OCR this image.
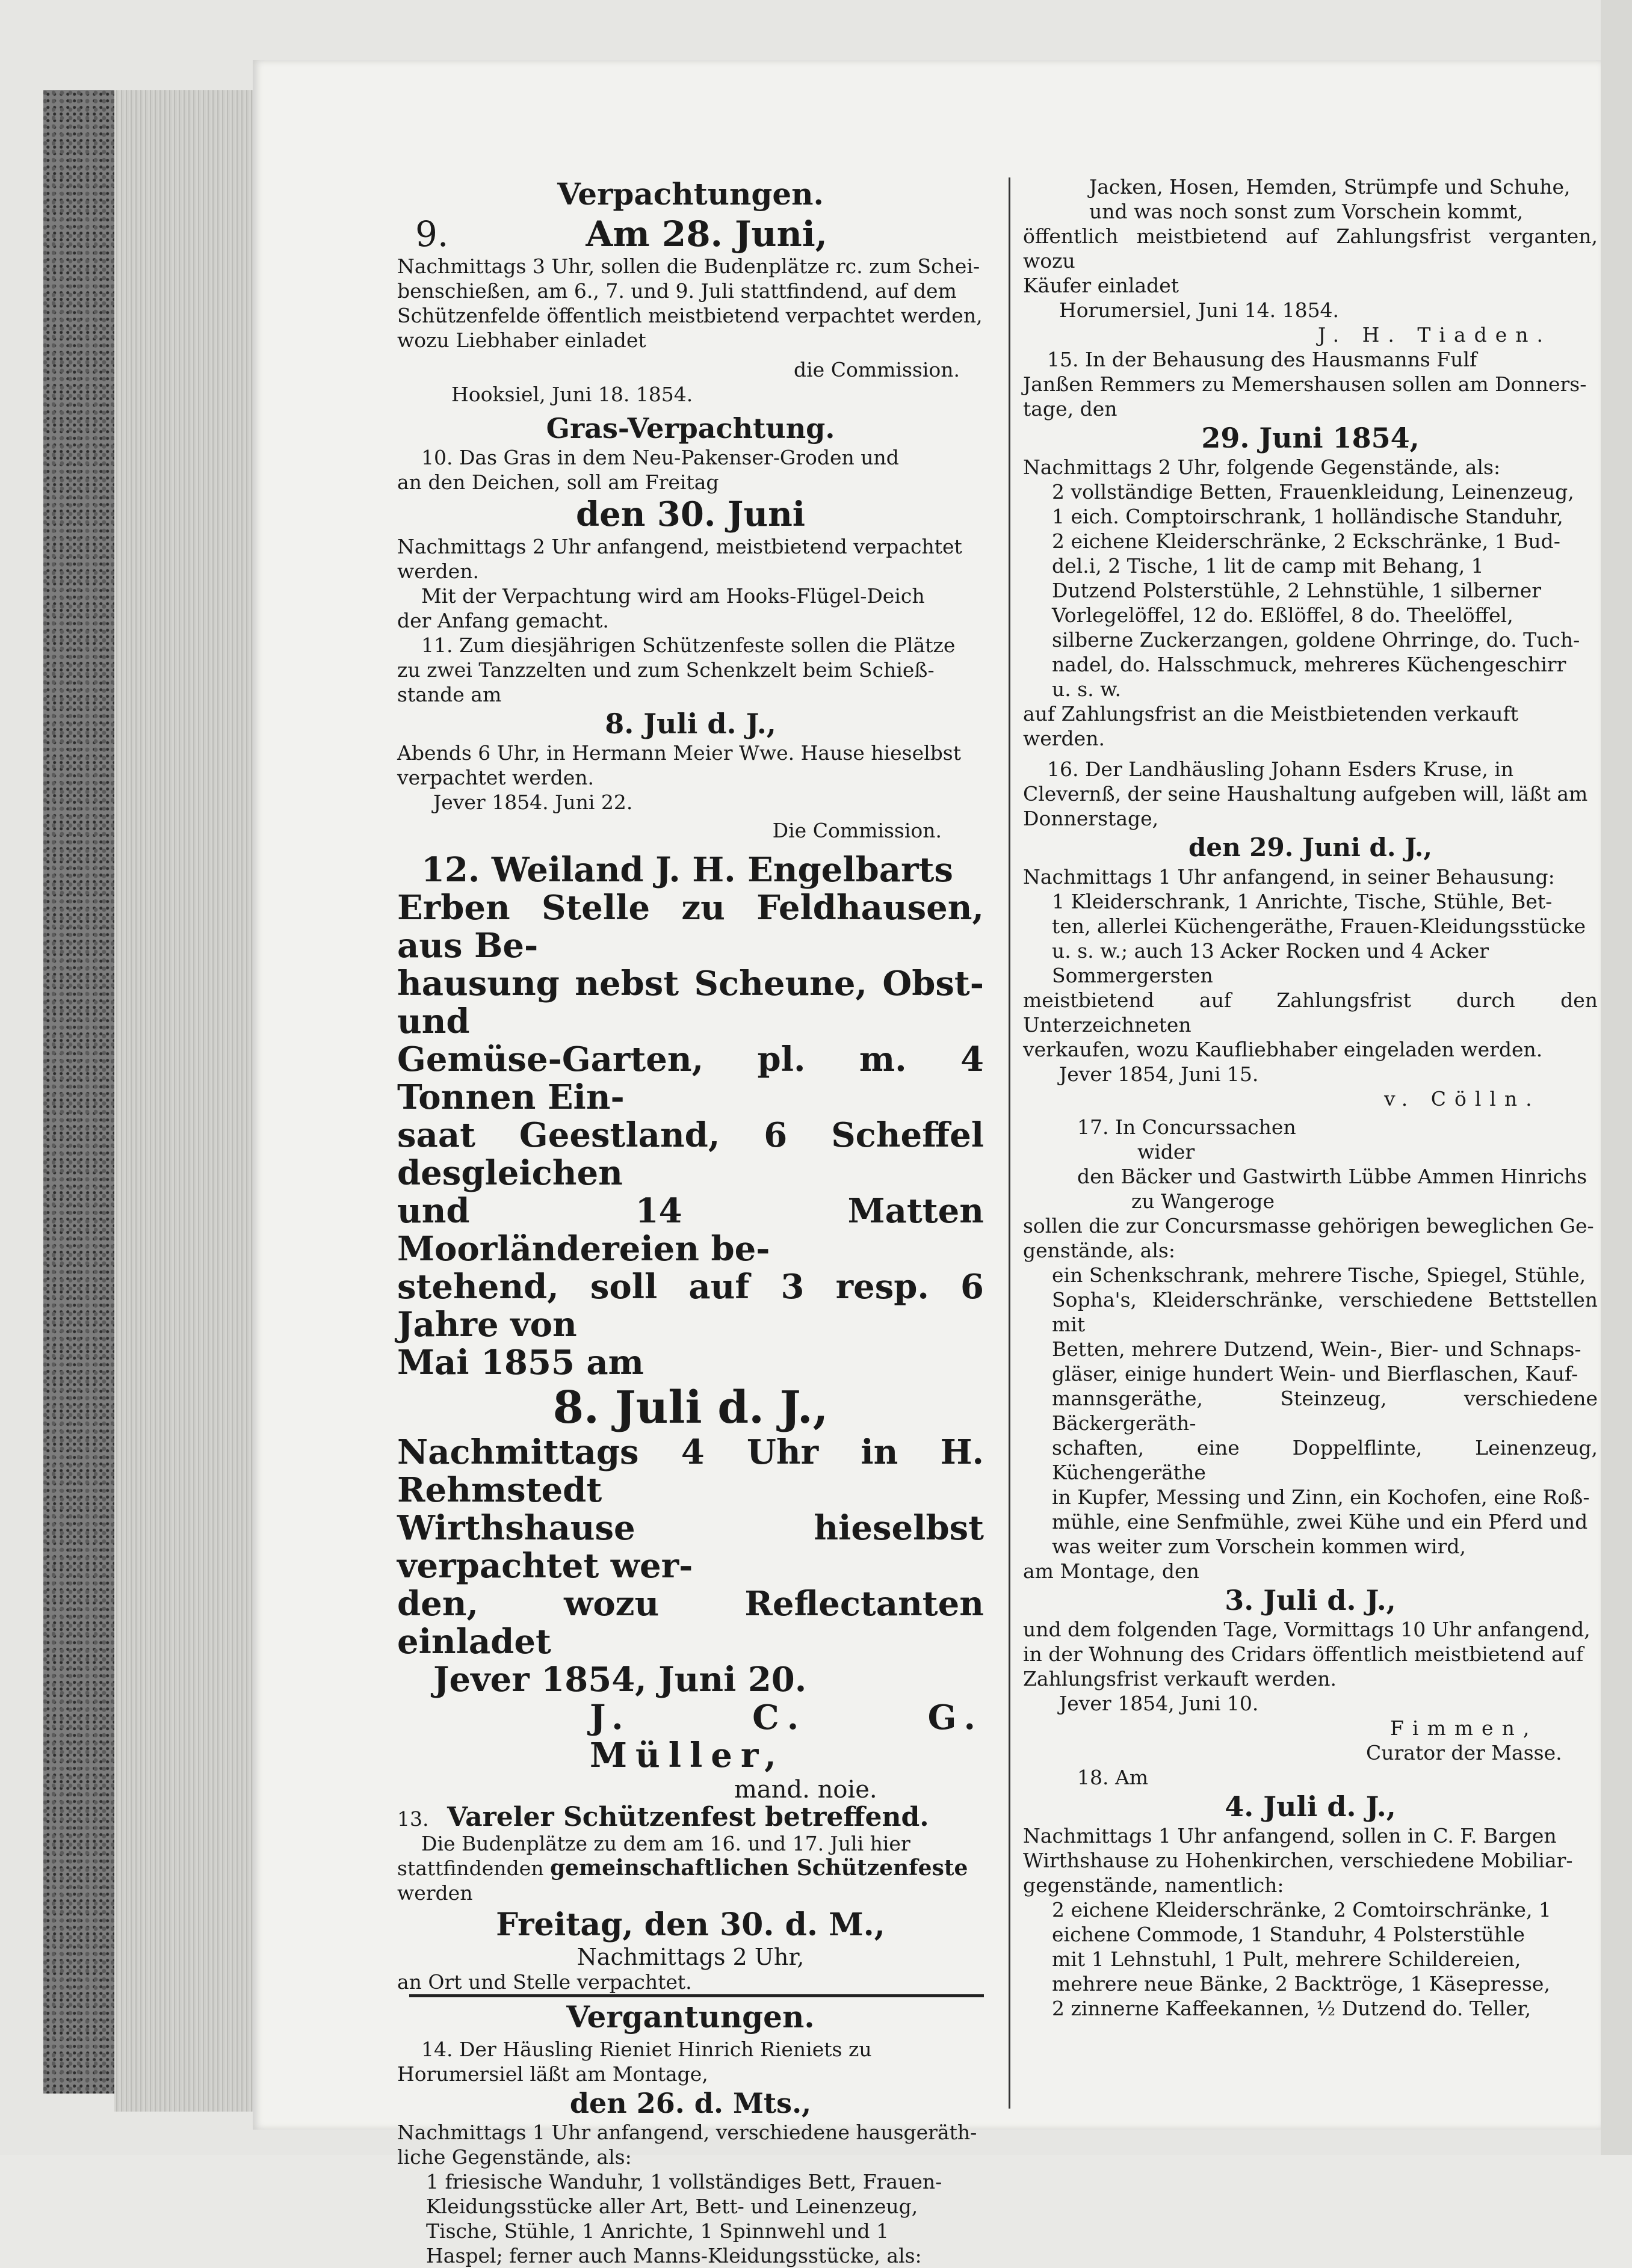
Verpachtungen.
9.	Am 28. Juni,
Nachmittags 3 Uhr, sollen die Budenplätze rc. zum Schei-
benschießen, am 6., 7. und 9. Juli stattfindend, auf dem
Schützenfelde öffentlich meistbietend verpachtet werden,
wozu Liebhaber einladet
die Commission.
Hooksiel, Juni 18. 1854.
Gras-Verpachtung.
10. Das Gras in dem Neu-Pakenser-Groden und
an den Deichen, soll am Freitag
den 30. Juni
Nachmittags 2 Uhr anfangend, meistbietend verpachtet
werden.
Mit der Verpachtung wird am Hooks-Flügel-Deich
der Anfang gemacht.
11. Zum diesjährigen Schützenfeste sollen die Plätze
zu zwei Tanzzelten und zum Schenkzelt beim Schieß-
stande am
8. Juli d. J.,
Abends 6 Uhr, in Hermann Meier Wwe. Hause hieselbst
verpachtet werden.
Jever 1854. Juni 22.
Die Commission.
12. Weiland J. H. Engelbarts
Erben Stelle zu Feldhausen, aus Be-
hausung nebst Scheune, Obst- und
Gemüse-Garten, pl. m. 4 Tonnen Ein-
saat Geestland, 6 Scheffel desgleichen
und 14 Matten Moorländereien be-
stehend, soll auf 3 resp. 6 Jahre von
Mai 1855 am
8. Juli d. J.,
Nachmittags 4 Uhr in H. Rehmstedt
Wirthshause hieselbst verpachtet wer-
den, wozu Reflectanten einladet
Jever 1854, Juni 20.
J. C. G. Müller,
mand. noie.
13. Vareler Schützenfest betreffend.
Die Budenplätze zu dem am 16. und 17. Juli hier
stattfindenden gemeinschaftlichen Schützenfeste
werden
Freitag, den 30. d. M.,
Nachmittags 2 Uhr,
an Ort und Stelle verpachtet.
Vergantungen.
14. Der Häusling Rieniet Hinrich Rieniets zu
Horumersiel läßt am Montage,
den 26. d. Mts.,
Nachmittags 1 Uhr anfangend, verschiedene hausgeräth-
liche Gegenstände, als:
1 friesische Wanduhr, 1 vollständiges Bett, Frauen-
Kleidungsstücke aller Art, Bett- und Leinenzeug,
Tische, Stühle, 1 Anrichte, 1 Spinnwehl und 1
Haspel; ferner auch Manns-Kleidungsstücke, als:
Jacken, Hosen, Hemden, Strümpfe und Schuhe,
und was noch sonst zum Vorschein kommt,
öffentlich meistbietend auf Zahlungsfrist verganten, wozu
Käufer einladet
Horumersiel, Juni 14. 1854.
J. H. Tiaden.
15. In der Behausung des Hausmanns Fulf
Janßen Remmers zu Memershausen sollen am Donners-
tage, den
29. Juni 1854,
Nachmittags 2 Uhr, folgende Gegenstände, als:
2 vollständige Betten, Frauenkleidung, Leinenzeug,
1 eich. Comptoirschrank, 1 holländische Standuhr,
2 eichene Kleiderschränke, 2 Eckschränke, 1 Bud-
del.i, 2 Tische, 1 lit de camp mit Behang, 1
Dutzend Polsterstühle, 2 Lehnstühle, 1 silberner
Vorlegelöffel, 12 do. Eßlöffel, 8 do. Theelöffel,
silberne Zuckerzangen, goldene Ohrringe, do. Tuch-
nadel, do. Halsschmuck, mehreres Küchengeschirr
u. s. w.
auf Zahlungsfrist an die Meistbietenden verkauft werden.
16. Der Landhäusling Johann Esders Kruse, in
Clevernß, der seine Haushaltung aufgeben will, läßt am
Donnerstage,
den 29. Juni d. J.,
Nachmittags 1 Uhr anfangend, in seiner Behausung:
1 Kleiderschrank, 1 Anrichte, Tische, Stühle, Bet-
ten, allerlei Küchengeräthe, Frauen-Kleidungsstücke
u. s. w.; auch 13 Acker Rocken und 4 Acker
Sommergersten
meistbietend auf Zahlungsfrist durch den Unterzeichneten
verkaufen, wozu Kaufliebhaber eingeladen werden.
Jever 1854, Juni 15.
v. Cölln.
17. In Concurssachen
wider
den Bäcker und Gastwirth Lübbe Ammen Hinrichs
zu Wangeroge
sollen die zur Concursmasse gehörigen beweglichen Ge-
genstände, als:
ein Schenkschrank, mehrere Tische, Spiegel, Stühle,
Sopha's, Kleiderschränke, verschiedene Bettstellen mit
Betten, mehrere Dutzend, Wein-, Bier- und Schnaps-
gläser, einige hundert Wein- und Bierflaschen, Kauf-
mannsgeräthe, Steinzeug, verschiedene Bäckergeräth-
schaften, eine Doppelflinte, Leinenzeug, Küchengeräthe
in Kupfer, Messing und Zinn, ein Kochofen, eine Roß-
mühle, eine Senfmühle, zwei Kühe und ein Pferd und
was weiter zum Vorschein kommen wird,
am Montage, den
3. Juli d. J.,
und dem folgenden Tage, Vormittags 10 Uhr anfangend,
in der Wohnung des Cridars öffentlich meistbietend auf
Zahlungsfrist verkauft werden.
Jever 1854, Juni 10.
Fimmen,
Curator der Masse.
18. Am
4. Juli d. J.,
Nachmittags 1 Uhr anfangend, sollen in C. F. Bargen
Wirthshause zu Hohenkirchen, verschiedene Mobiliar-
gegenstände, namentlich:
2 eichene Kleiderschränke, 2 Comtoirschränke, 1
eichene Commode, 1 Standuhr, 4 Polsterstühle
mit 1 Lehnstuhl, 1 Pult, mehrere Schildereien,
mehrere neue Bänke, 2 Backtröge, 1 Käsepresse,
2 zinnerne Kaffeekannen, ½ Dutzend do. Teller,
